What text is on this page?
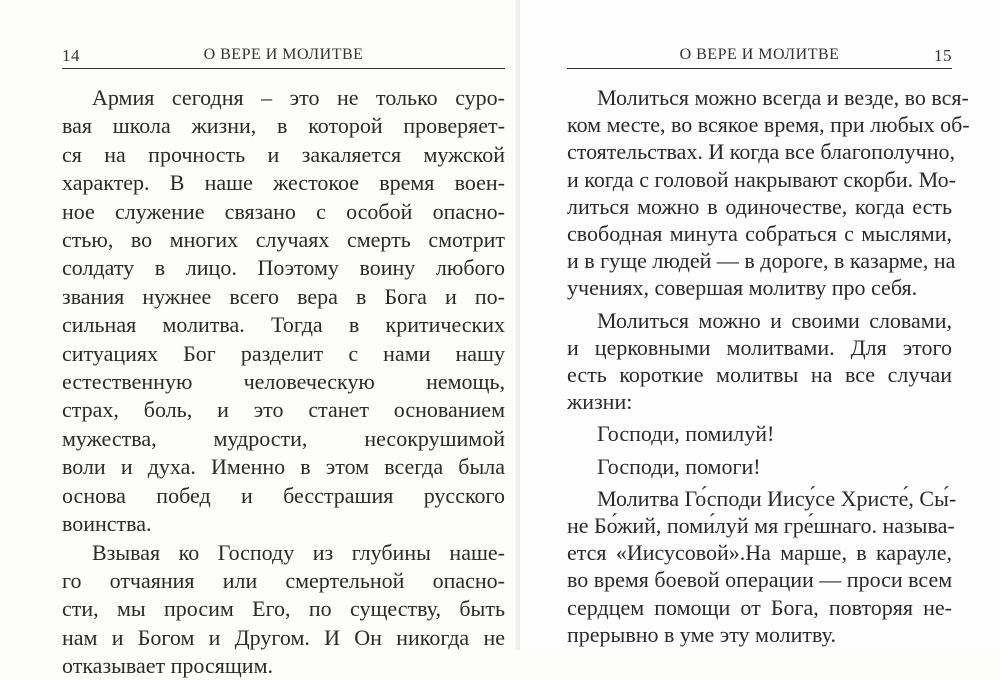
14	О ВЕРЕ И МОЛИТВЕ
Армия сегодня – это не только суро-
вая школа жизни, в которой проверяет-
ся на прочность и закаляется мужской
характер. В наше жестокое время воен-
ное служение связано с особой опасно-
стью, во многих случаях смерть смотрит
солдату в лицо. Поэтому воину любого
звания нужнее всего вера в Бога и по-
сильная молитва. Тогда в критических
ситуациях Бог разделит с нами нашу
естественную человеческую немощь,
страх, боль, и это станет основанием
мужества, мудрости, несокрушимой
воли и духа. Именно в этом всегда была
основа побед и бесстрашия русского
воинства.
Взывая ко Господу из глубины наше-
го отчаяния или смертельной опасно-
сти, мы просим Его, по существу, быть
нам и Богом и Другом. И Он никогда не
отказывает просящим.
О ВЕРЕ И МОЛИТВЕ	15
Молиться можно всегда и везде, во вся-
ком месте, во всякое время, при любых об-
стоятельствах. И когда все благополучно,
и когда с головой накрывают скорби. Мо-
литься можно в одиночестве, когда есть
свободная минута собраться с мыслями,
и в гуще людей — в дороге, в казарме, на
учениях, совершая молитву про себя.
Молиться можно и своими словами,
и церковными молитвами. Для этого
есть короткие молитвы на все случаи
жизни:
Господи, помилуй!
Господи, помоги!
Молитва Го́споди Иису́се Христе́, Сы́-
не Бо́жий, поми́луй мя гре́шнаго. называ-
ется «Иисусовой».На марше, в карауле,
во время боевой операции — проси всем
сердцем помощи от Бога, повторяя не-
прерывно в уме эту молитву.
